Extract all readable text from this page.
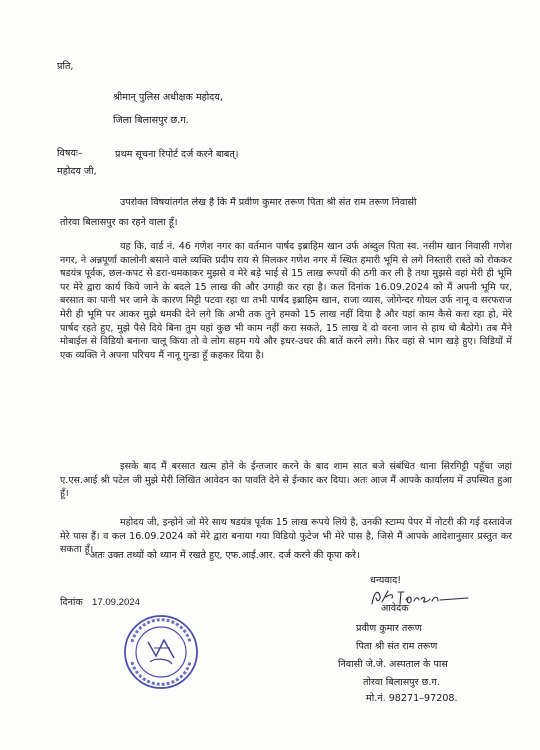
प्रति,
श्रीमान् पुलिस अधीक्षक महोदय,
जिला बिलासपुर छ.ग.
विषयः–	प्रथम सूचना रिपोर्ट दर्ज करने बाबत्।
महोदय जी,
उपरोक्त विषयांतर्गत लेख है कि मैं प्रवीण कुमार तरूण पिता श्री संत राम तरूण निवासी
तोरवा बिलासपुर का रहने वाला हूँ।
यह कि, वार्ड नं. 46 गणेश नगर का वर्तमान पार्षद इब्राहिम खान उर्फ अब्दुल पिता स्व. नसीम खान निवासी गणेश नगर, ने अन्नपूर्णा कालोनी बसाने वाले व्यक्ति प्रदीप राय से मिलकर गणेश नगर में स्थित हमारी भूमि से लगे निस्तारी रास्ते को रोककर षडयंत्र पूर्वक, छल-कपट से डरा-धमकाकर मुझसे व मेरे बड़े भाई से 15 लाख रूपयों की ठगी कर ली है तथा मुझसे वहां मेरी ही भूमि पर मेरे द्वारा कार्य किये जाने के बदले 15 लाख की और उगाही कर रहा है। कल दिनांक 16.09.2024 को मैं अपनी भूमि पर, बरसात का पानी भर जाने के कारण मिट्टी पटवा रहा था तभी पार्षद इब्राहिम खान, राजा व्यास, जोगेन्दर गोयल उर्फ नानू व सरफराज मेरी ही भूमि पर आकर मुझे धमकी देने लगे कि अभी तक तुने हमको 15 लाख नहीं दिया है और यहां काम कैसे करा रहा हो, मेरे पार्षद रहते हुए, मुझे पैसे दिये बिना तुम यहां कुछ भी काम नहीं करा सकते, 15 लाख दे दो वरना जान से हाथ धो बैठोगे। तब मैंने मोबाईल से विडियो बनाना चालू किया तो वे लोग सहम गये और इधर-उधर की बातें करने लगे। फिर वहां से भाग खड़े हुए। विडियों में एक व्यक्ति ने अपना परिचय मैं नानू गुन्डा हूँ कहकर दिया है।
इसके बाद मैं बरसात खत्म होने के ईन्तजार करने के बाद शाम सात बजे संबंधित थाना सिरगिट्टी पहूँचा जहां ए.एस.आई श्री पटेल जी मुझे मेरी लिखित आवेदन का पावति देने से ईन्कार कर दिया। अतः आज मैं आपके कार्यालय में उपस्थित हुआ हूँ।
महोदय जी, इन्होने जो मेरे साथ षडयंत्र पूर्वक 15 लाख रूपये लिये है, उनकी स्टाम्प पेपर में नोटरी की गई दस्तावेज मेरे पास हैं। व कल 16.09.2024 को मेरे द्वारा बनाया गया विडियो फुटेज भी मेरे पास है, जिसे मैं आपके आदेशानुसार प्रस्तुत कर सकता हूँ।
अतः उक्त तथ्यों को ध्यान में रखते हुए, एफ.आई.आर. दर्ज करने की कृपा करे।
धन्यवाद!
दिनांक 17.09.2024
आवेदक
प्रवीण कुमार तरूण
पिता श्री संत राम तरूण
निवासी जे.जे. अस्पताल के पास
तोरवा बिलासपुर छ.ग.
मो.नं. 98271–97208.
